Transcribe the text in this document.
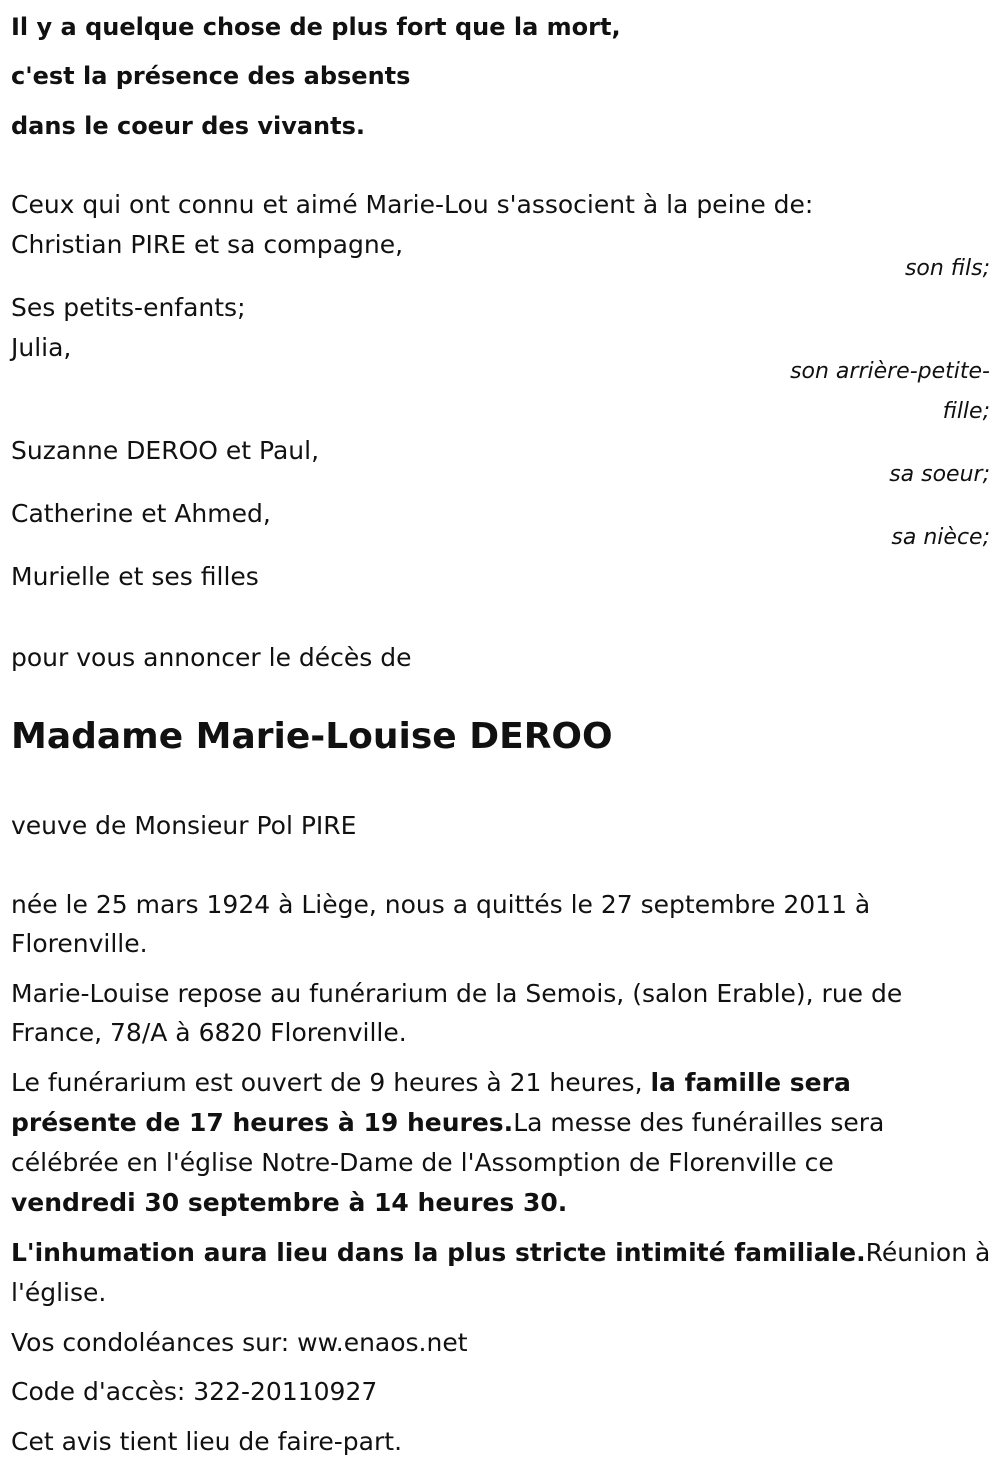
Il y a quelque chose de plus fort que la mort,
c'est la présence des absents
dans le coeur des vivants.
Ceux qui ont connu et aimé Marie-Lou s'associent à la peine de:
Christian PIRE et sa compagne,
son fils;
Ses petits-enfants;
Julia,
son arrière-petite-
fille;
Suzanne DEROO et Paul,
sa soeur;
Catherine et Ahmed,
sa nièce;
Murielle et ses filles
pour vous annoncer le décès de
Madame Marie-Louise DEROO
veuve de Monsieur Pol PIRE
née le 25 mars 1924 à Liège, nous a quittés le 27 septembre 2011 à
Florenville.
Marie-Louise repose au funérarium de la Semois, (salon Erable), rue de
France, 78/A à 6820 Florenville.
Le funérarium est ouvert de 9 heures à 21 heures, la famille sera
présente de 17 heures à 19 heures.La messe des funérailles sera
célébrée en l'église Notre-Dame de l'Assomption de Florenville ce
vendredi 30 septembre à 14 heures 30.
L'inhumation aura lieu dans la plus stricte intimité familiale.Réunion à
l'église.
Vos condoléances sur: ww.enaos.net
Code d'accès: 322-20110927
Cet avis tient lieu de faire-part.
